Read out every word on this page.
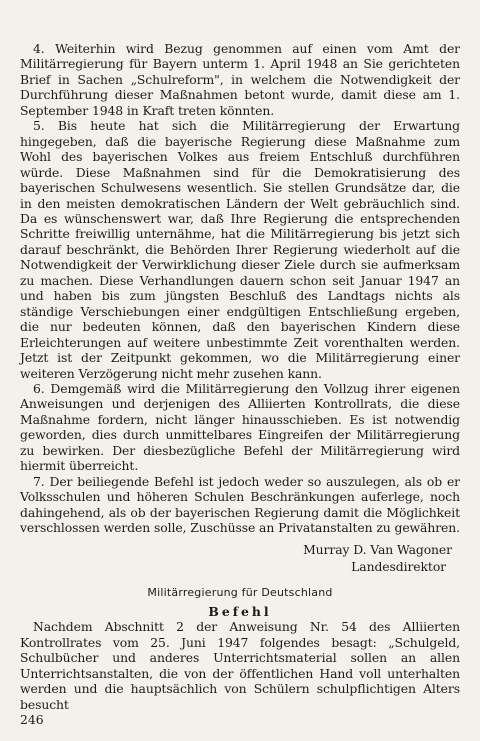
4. Weiterhin wird Bezug genommen auf einen vom Amt der Militärregierung für Bayern unterm 1. April 1948 an Sie gerichteten Brief in Sachen „Schulreform", in welchem die Notwendigkeit der Durchführung dieser Maßnahmen betont wurde, damit diese am 1. September 1948 in Kraft treten könnten.

5. Bis heute hat sich die Militärregierung der Erwartung hingegeben, daß die bayerische Regierung diese Maßnahme zum Wohl des bayerischen Volkes aus freiem Entschluß durchführen würde. Diese Maßnahmen sind für die Demokratisierung des bayerischen Schulwesens wesentlich. Sie stellen Grundsätze dar, die in den meisten demokratischen Ländern der Welt gebräuchlich sind. Da es wünschenswert war, daß Ihre Regierung die entsprechenden Schritte freiwillig unternähme, hat die Militärregierung bis jetzt sich darauf beschränkt, die Behörden Ihrer Regierung wiederholt auf die Notwendigkeit der Verwirklichung dieser Ziele durch sie aufmerksam zu machen. Diese Verhandlungen dauern schon seit Januar 1947 an und haben bis zum jüngsten Beschluß des Landtags nichts als ständige Verschiebungen einer endgültigen Entschließung ergeben, die nur bedeuten können, daß den bayerischen Kindern diese Erleichterungen auf weitere unbestimmte Zeit vorenthalten werden. Jetzt ist der Zeitpunkt gekommen, wo die Militärregierung einer weiteren Verzögerung nicht mehr zusehen kann.

6. Demgemäß wird die Militärregierung den Vollzug ihrer eigenen Anweisungen und derjenigen des Alliierten Kontrollrats, die diese Maßnahme fordern, nicht länger hinausschieben. Es ist notwendig geworden, dies durch unmittelbares Eingreifen der Militärregierung zu bewirken. Der diesbezügliche Befehl der Militärregierung wird hiermit überreicht.

7. Der beiliegende Befehl ist jedoch weder so auszulegen, als ob er Volksschulen und höheren Schulen Beschränkungen auferlege, noch dahingehend, als ob der bayerischen Regierung damit die Möglichkeit verschlossen werden solle, Zuschüsse an Privatanstalten zu gewähren.

Murray D. Van Wagoner
Landesdirektor
Militärregierung für Deutschland
Befehl

Nachdem Abschnitt 2 der Anweisung Nr. 54 des Alliierten Kontrollrates vom 25. Juni 1947 folgendes besagt: „Schulgeld, Schulbücher und anderes Unterrichtsmaterial sollen an allen Unterrichtsanstalten, die von der öffentlichen Hand voll unterhalten werden und die hauptsächlich von Schülern schulpflichtigen Alters besucht

246
